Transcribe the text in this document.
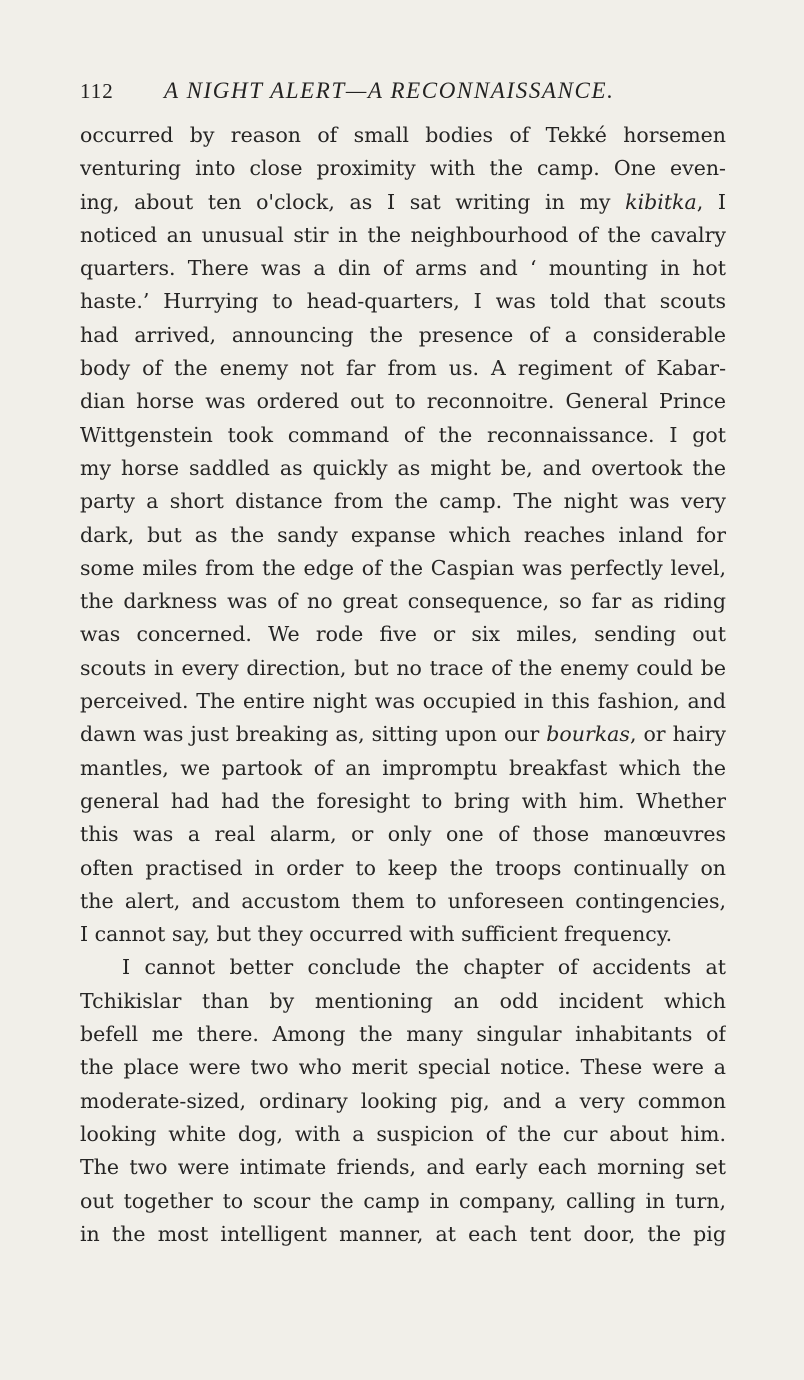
112 A NIGHT ALERT—A RECONNAISSANCE.
occurred by reason of small bodies of Tekké horsemen
venturing into close proximity with the camp. One even-
ing, about ten o'clock, as I sat writing in my kibitka, I
noticed an unusual stir in the neighbourhood of the cavalry
quarters. There was a din of arms and ‘ mounting in hot
haste.’ Hurrying to head-quarters, I was told that scouts
had arrived, announcing the presence of a considerable
body of the enemy not far from us. A regiment of Kabar-
dian horse was ordered out to reconnoitre. General Prince
Wittgenstein took command of the reconnaissance. I got
my horse saddled as quickly as might be, and overtook the
party a short distance from the camp. The night was very
dark, but as the sandy expanse which reaches inland for
some miles from the edge of the Caspian was perfectly level,
the darkness was of no great consequence, so far as riding
was concerned. We rode five or six miles, sending out
scouts in every direction, but no trace of the enemy could be
perceived. The entire night was occupied in this fashion, and
dawn was just breaking as, sitting upon our bourkas, or hairy
mantles, we partook of an impromptu breakfast which the
general had had the foresight to bring with him. Whether
this was a real alarm, or only one of those manœuvres
often practised in order to keep the troops continually on
the alert, and accustom them to unforeseen contingencies,
I cannot say, but they occurred with sufficient frequency.
I cannot better conclude the chapter of accidents at
Tchikislar than by mentioning an odd incident which
befell me there. Among the many singular inhabitants of
the place were two who merit special notice. These were a
moderate-sized, ordinary looking pig, and a very common
looking white dog, with a suspicion of the cur about him.
The two were intimate friends, and early each morning set
out together to scour the camp in company, calling in turn,
in the most intelligent manner, at each tent door, the pig
